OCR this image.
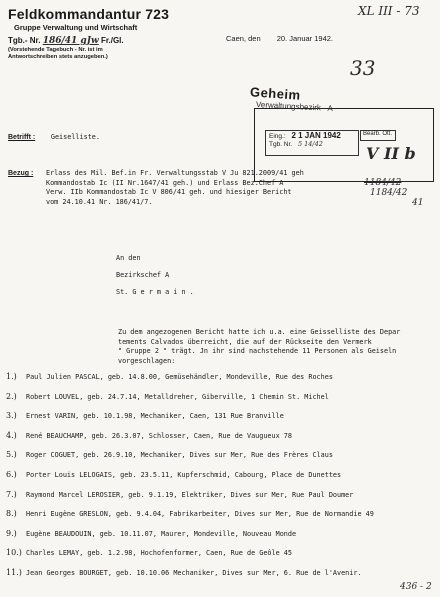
Feldkommandantur 723
Gruppe Verwaltung und Wirtschaft
Tgb.- Nr. 186/41 gJw Fr./Gl.
(Vorstehende Tagebuch - Nr. ist im
Antwortschreiben stets anzugeben.)
Caen, den 20. Januar 1942.
XL III - 73
33
Geheim
Verwaltungsbezirk - A
Eing.: 2 1 JAN 1942
Tgb. Nr. 5 14/42
Bearb. Ott.
V II b
1184/42
1184/42
41
Betrifft : Geiselliste.
Bezug : Erlass des Mil. Bef.in Fr. Verwaltungsstab V Ju 821.2009/41 geh
Kommandostab Ic (II Nr.1647/41 geh.) und Erlass Bez.Chef A
Verw. IIb Kommandostab Ic V 806/41 geh. und hiesiger Bericht
vom 24.10.41 Nr. 186/41/7.
An den
Bezirkschef A
St. G e r m a i n .
Zu dem angezogenen Bericht hatte ich u.a. eine Geisselliste des Depar
tements Calvados überreicht, die auf der Rückseite den Vermerk
" Gruppe 2 " trägt. Jn ihr sind nachstehende 11 Personen als Geiseln
vorgeschlagen:
1.) Paul Julien PASCAL, geb. 14.8.00, Gemüsehändler, Mondeville, Rue des Roches
2.) Robert LOUVEL, geb. 24.7.14, Metalldreher, Giberville, 1 Chemin St. Michel
3.) Ernest VARIN, geb. 10.1.98, Mechaniker, Caen, 131 Rue Branville
4.) René BEAUCHAMP, geb. 26.3.07, Schlosser, Caen, Rue de Vaugueux 78
5.) Roger COGUET, geb. 26.9.10, Mechaniker, Dives sur Mer, Rue des Frères Claus
6.) Porter Louis LELOGAIS, geb. 23.5.11, Kupferschmid, Cabourg, Place de Dunettes
7.) Raymond Marcel LEROSIER, geb. 9.1.19, Elektriker, Dives sur Mer, Rue Paul Doumer
8.) Henri Eugène GRESLON, geb. 9.4.04, Fabrikarbeiter, Dives sur Mer, Rue de Normandie 49
9.) Eugène BEAUDOUIN, geb. 10.11.07, Maurer, Mondeville, Nouveau Monde
10.) Charles LEMAY, geb. 1.2.98, Hochofenformer, Caen, Rue de Geôle 45
11.) Jean Georges BOURGET, geb. 10.10.06 Mechaniker, Dives sur Mer, 6. Rue de l'Avenir.
436 - 2
